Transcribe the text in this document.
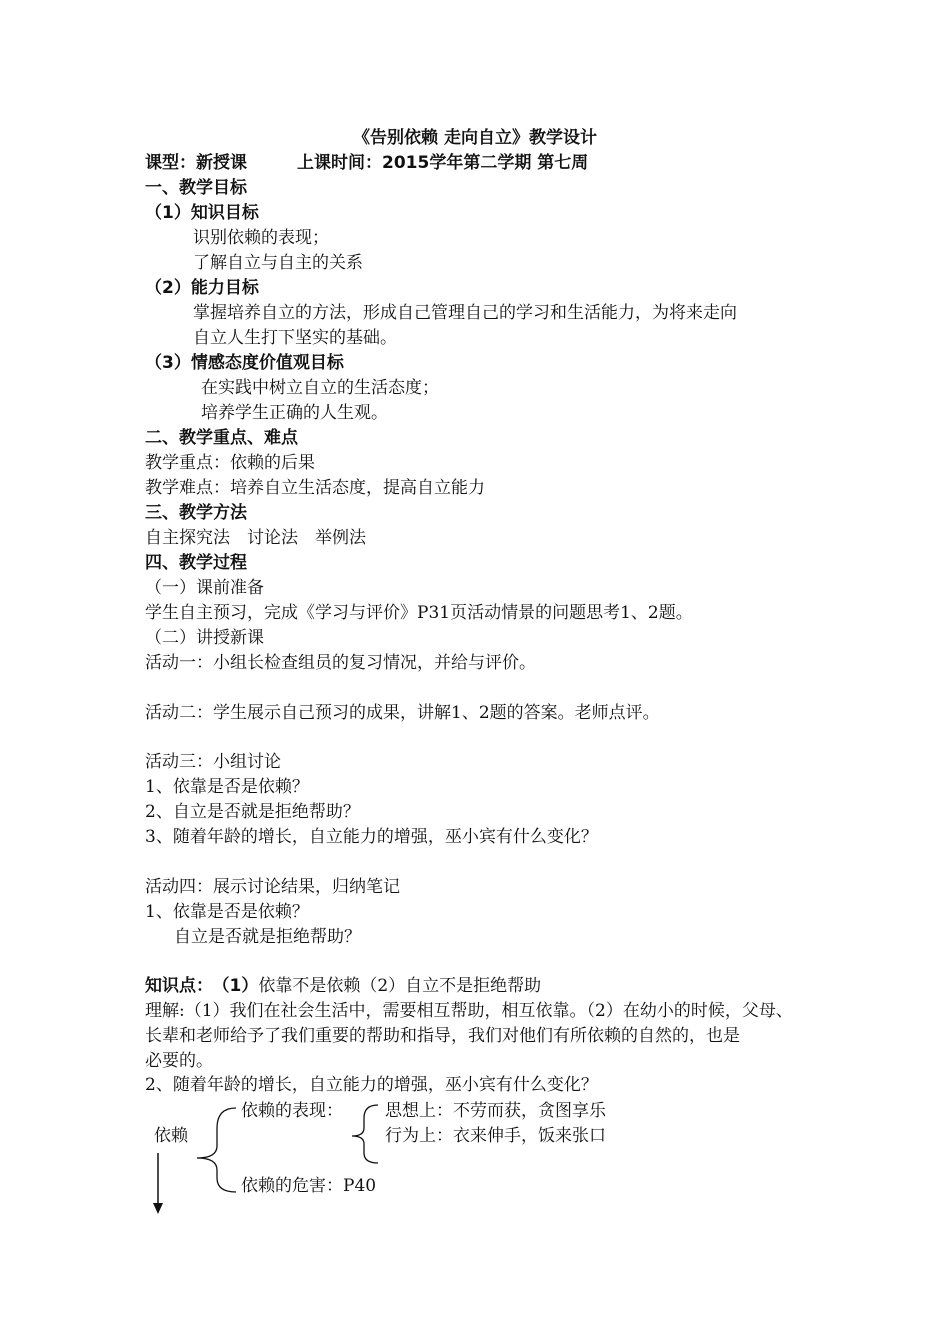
《告别依赖 走向自立》教学设计
课型：新授课	上课时间：2015学年第二学期 第七周
一、教学目标
（1）知识目标
识别依赖的表现；
了解自立与自主的关系
（2）能力目标
掌握培养自立的方法，形成自己管理自己的学习和生活能力，为将来走向
自立人生打下坚实的基础。
（3）情感态度价值观目标
在实践中树立自立的生活态度；
培养学生正确的人生观。
二、教学重点、难点
教学重点：依赖的后果
教学难点：培养自立生活态度，提高自立能力
三、教学方法
自主探究法　讨论法　举例法
四、教学过程
（一）课前准备
学生自主预习，完成《学习与评价》P31页活动情景的问题思考1、2题。
（二）讲授新课
活动一：小组长检查组员的复习情况，并给与评价。
活动二：学生展示自己预习的成果，讲解1、2题的答案。老师点评。
活动三：小组讨论
1、依靠是否是依赖？
2、自立是否就是拒绝帮助？
3、随着年龄的增长，自立能力的增强，巫小宾有什么变化？
活动四：展示讨论结果，归纳笔记
1、依靠是否是依赖？
自立是否就是拒绝帮助？
知识点： （1）依靠不是依赖（2）自立不是拒绝帮助
理解:（1）我们在社会生活中，需要相互帮助，相互依靠。（2）在幼小的时候，父母、
长辈和老师给予了我们重要的帮助和指导，我们对他们有所依赖的自然的，也是
必要的。
2、随着年龄的增长，自立能力的增强，巫小宾有什么变化？
依赖
依赖的表现： 思想上：不劳而获，贪图享乐
行为上：衣来伸手，饭来张口
依赖的危害：P40
